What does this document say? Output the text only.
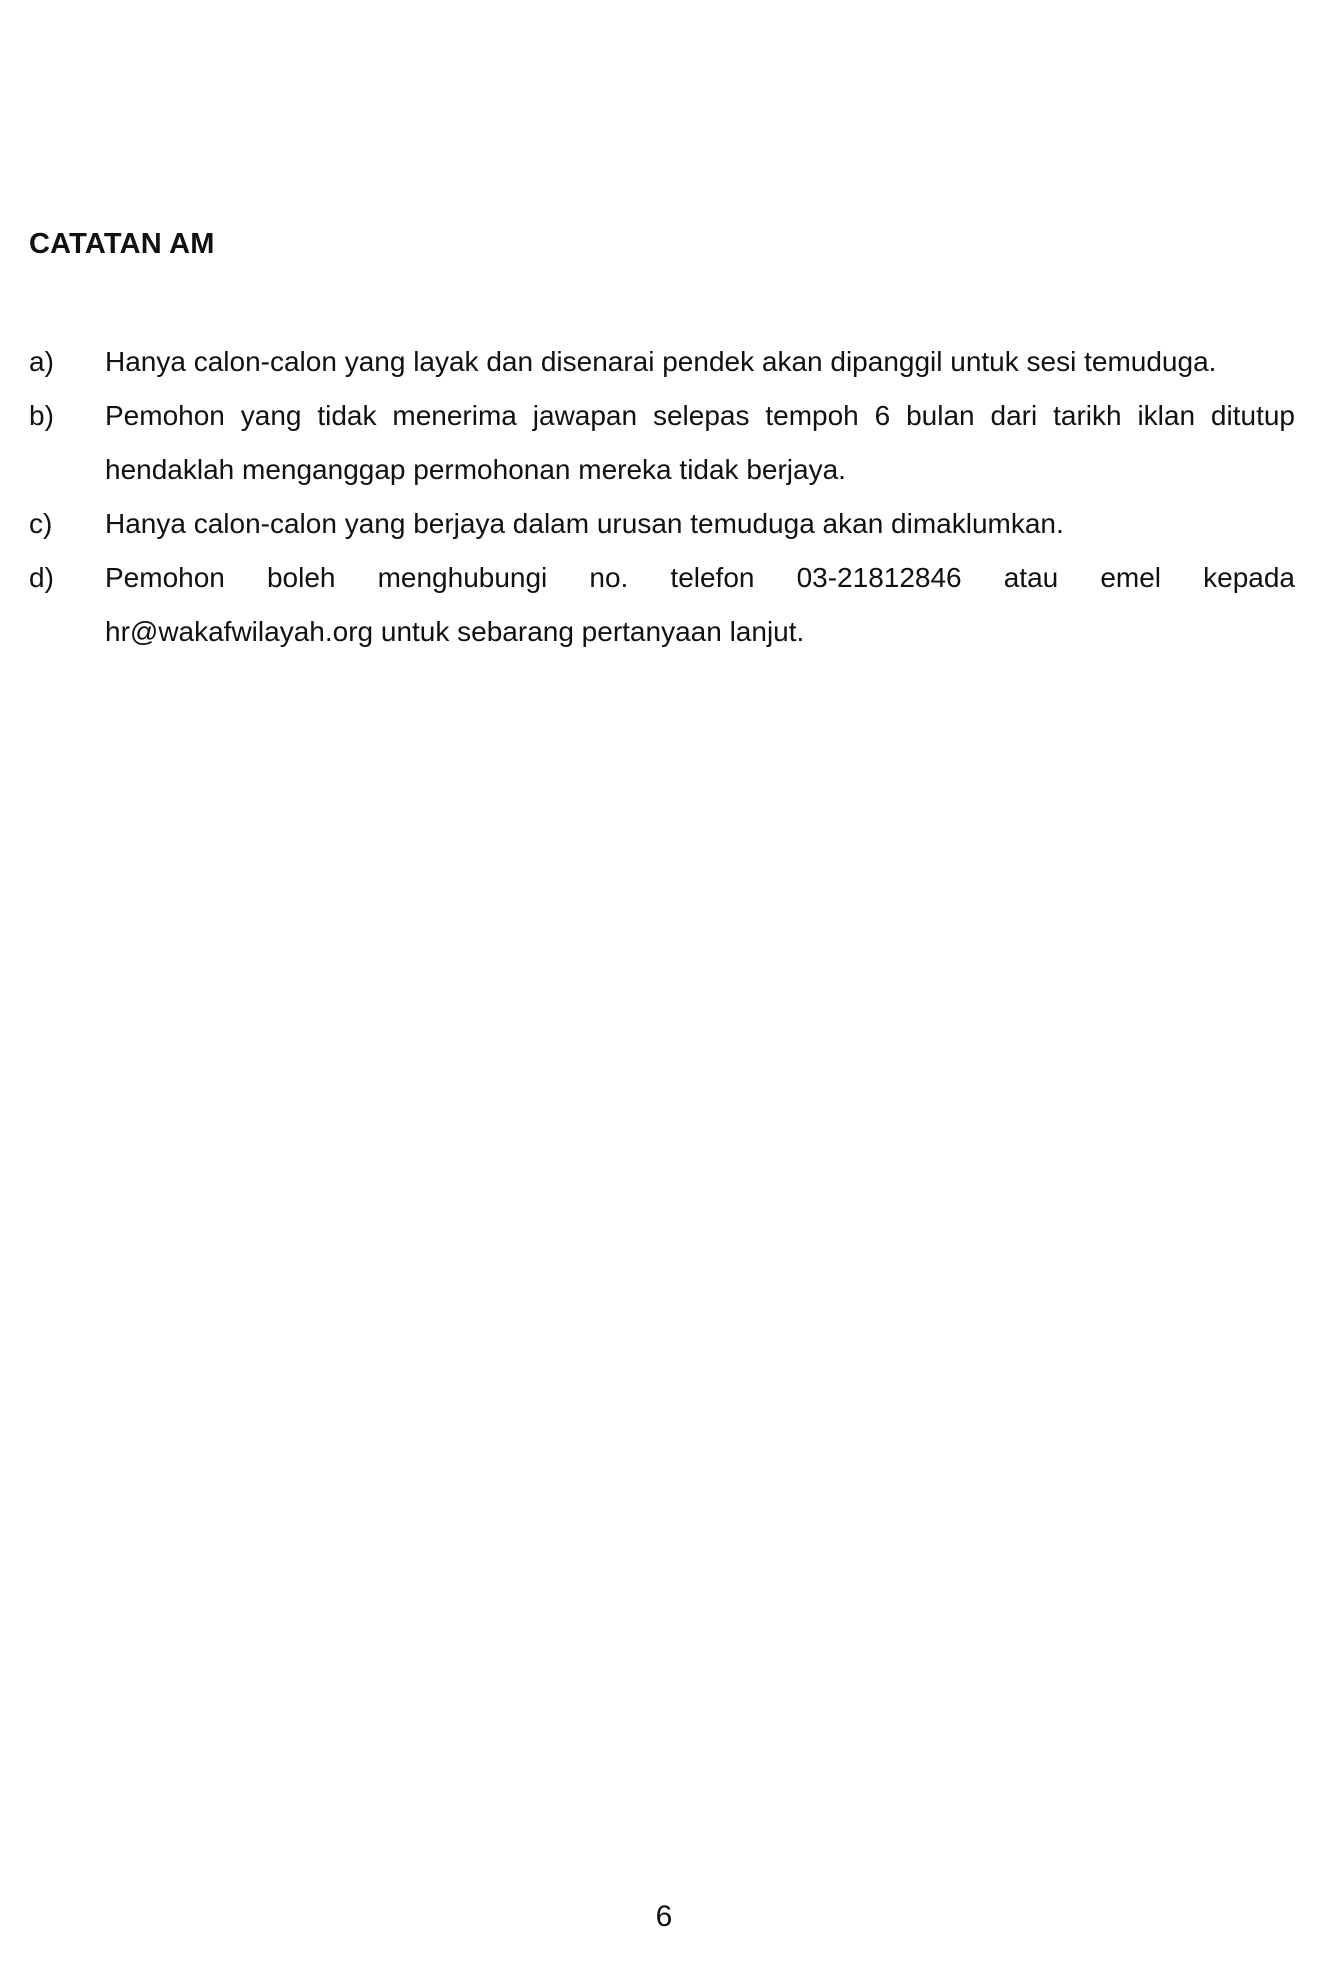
CATATAN AM
a)	Hanya calon-calon yang layak dan disenarai pendek akan dipanggil untuk sesi temuduga.
b)	Pemohon yang tidak menerima jawapan selepas tempoh 6 bulan dari tarikh iklan ditutup hendaklah menganggap permohonan mereka tidak berjaya.
c)	Hanya calon-calon yang berjaya dalam urusan temuduga akan dimaklumkan.
d)	Pemohon boleh menghubungi no. telefon 03-21812846 atau emel kepada hr@wakafwilayah.org untuk sebarang pertanyaan lanjut.
6
